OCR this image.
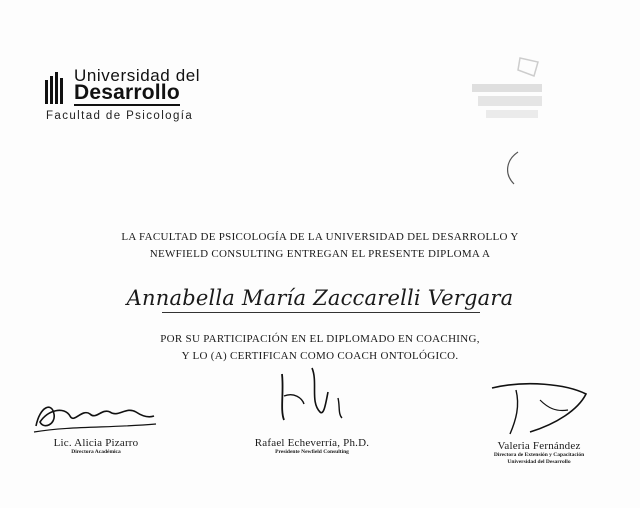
Universidad del
Desarrollo
Facultad de Psicología
LA FACULTAD DE PSICOLOGÍA DE LA UNIVERSIDAD DEL DESARROLLO Y
NEWFIELD CONSULTING ENTREGAN EL PRESENTE DIPLOMA A
Annabella María Zaccarelli Vergara
POR SU PARTICIPACIÓN EN EL DIPLOMADO EN COACHING,
Y LO (A) CERTIFICAN COMO COACH ONTOLÓGICO.
Lic. Alicia Pizarro
Directora Académica
Rafael Echeverría, Ph.D.
Presidente Newfield Consulting	Valeria Fernández
Directora de Extensión y Capacitación
Universidad del Desarrollo
